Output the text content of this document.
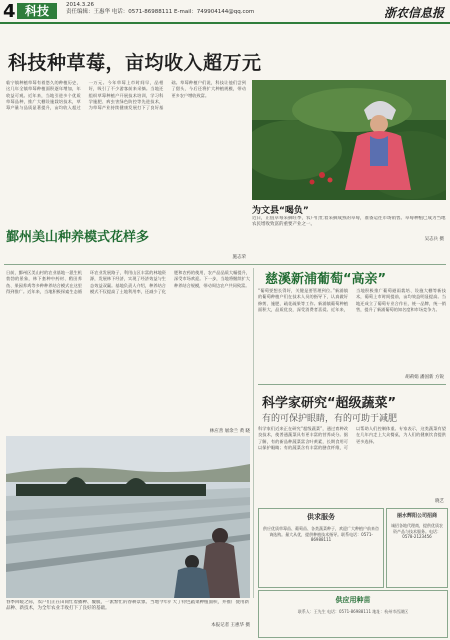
4 科技	2014.3.26
责任编辑：王惠华 电话：0571-86988111 E-mail：749904144@qq.com	浙农信息报
科技种草莓，亩均收入超万元
临宁镇种植草莓有着悠久的种植历史，这几年全镇草莓种植面积逐年增加，年收益可观。近年来，当地引进多个优质草莓品种，推广大棚设施栽培技术，草莓产量与品质显著提升，亩均收入超过一万元。今年草莓上市时间早，品相好，吸引了不少游客前来采摘。当地还组织草莓种植户开展技术培训，学习科学施肥、病虫害绿色防控等先进技术，为草莓产业持续健康发展打下了良好基础。草莓种植户们说，科技让他们尝到了甜头，今后还将扩大种植规模，带动更多农户增收致富。
施志荣
为文县“喝负”
近日，正值草莓采摘旺季，农户们忙着采摘成熟的草莓，准备运往市场销售。草莓种植已成为当地农民增收致富的重要产业之一。
吴志兵 摄
鄞州美山种养模式花样多
日前，鄞州区美山村的农业基地一派生机勃勃的景象，林下套种中药材、稻田养鱼、果园养鸡等多种种养结合模式在这里得到推广。近年来，当地积极探索生态循环农业发展路子，利用山区丰富的林地资源，发展林下经济，实现了经济效益与生态效益双赢。基地负责人介绍，种养结合模式不仅提高了土地利用率，还减少了化肥和农药的使用，农产品品质大幅提升，深受市场欢迎。下一步，当地将继续扩大种养结合规模，带动周边农户共同致富。
林应善 屠余兰 黄 晓
慈溪新浦葡萄“高亲”
“葡萄要想长得好，关键是要管理到位。”新浦镇的葡萄种植户们在技术人员的指导下，认真做好修剪、施肥、疏花疏果等工作。新浦镇葡萄种植面积大，品质优良，深受消费者喜爱。近年来，当地积极推广葡萄避雨栽培、设施大棚等新技术，葡萄上市时间提前，亩均效益明显提高。当地还成立了葡萄专业合作社，统一品牌，统一销售，提升了新浦葡萄的知名度和市场竞争力。
胡莉娟 潘国新 方锐
科学家研究“超级蔬菜”
有的可保护眼睛，有的可助于减肥
科学家们近来正在研究“超级蔬菜”，通过育种改良技术，使普通蔬菜具有更丰富的营养成分。据了解，有的新品种蔬菜富含叶黄素，长期食用可以保护眼睛；有的蔬菜含有丰富的膳食纤维，可以帮助人们控制体重。专家表示，这类蔬菜有望在几年内走上大众餐桌，为人们的健康饮食提供更多选择。
晓艺
春季回暖之际，农户们正在田间忙着播种、覆膜，一派繁忙的春耕景象。当地今年扩大了特色蔬菜种植面积，并推广使用新品种、新技术，为全年农业丰收打下了良好的基础。
本报记者 王惠华 摄
供求服务
供应优质草莓苗、葡萄苗、各类蔬菜种子，欢迎广大种植户前来咨询选购。量大从优，提供种植技术指导。联系电话：0571-86988111
丽水辉阳公司招商
诚招各地代理商，提供优质农资产品与技术服务。电话：0578-2123456
供应用种苗
联系人：王先生 电话：0571-86988111 地址：杭州市西湖区
